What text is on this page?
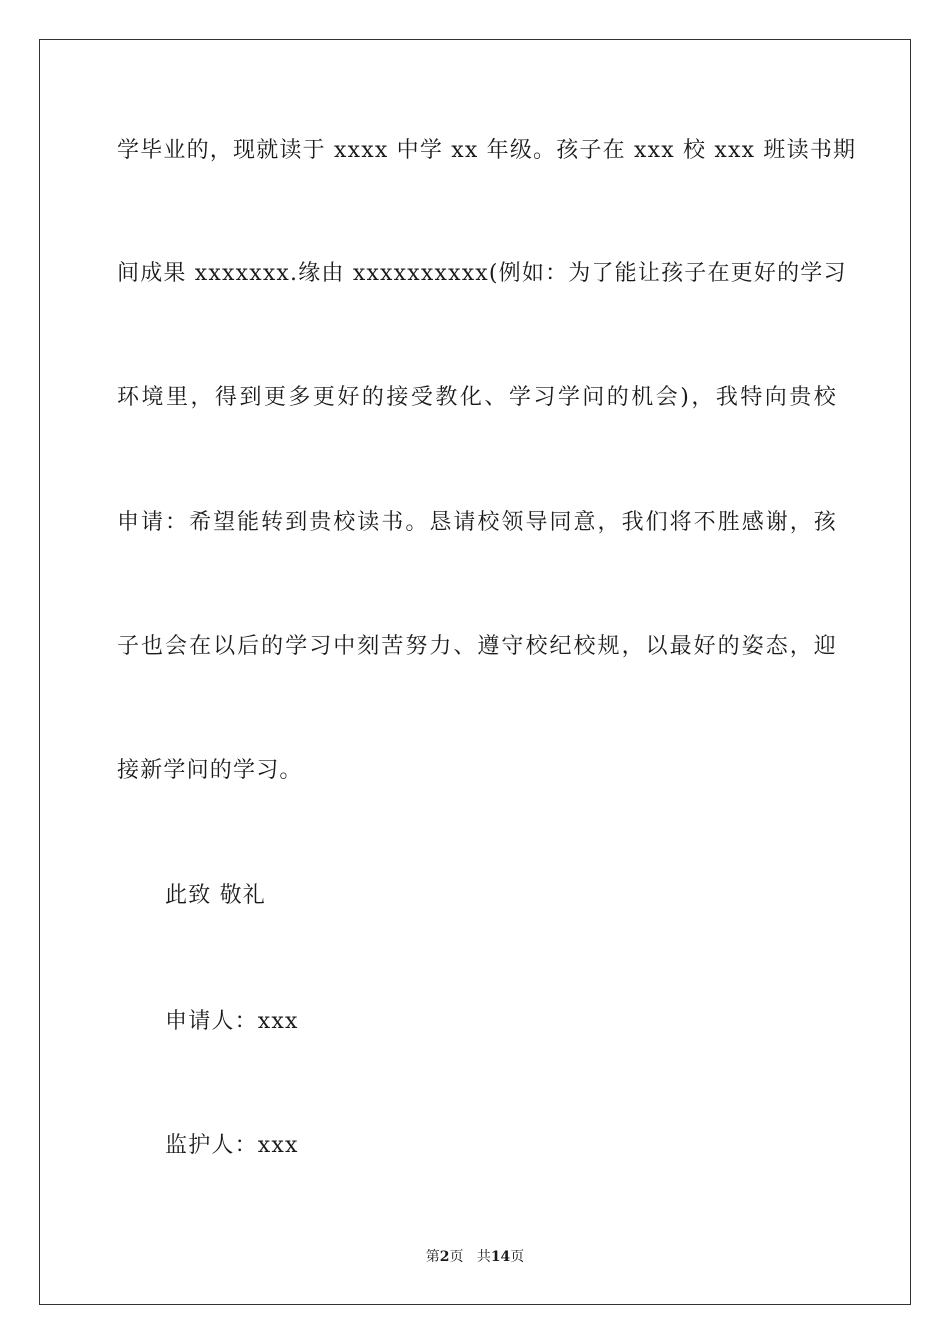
学毕业的，现就读于 xxxx 中学 xx 年级。孩子在 xxx 校 xxx 班读书期
间成果 xxxxxxx.缘由 xxxxxxxxxx(例如：为了能让孩子在更好的学习
环境里，得到更多更好的接受教化、学习学问的机会)，我特向贵校
申请：希望能转到贵校读书。恳请校领导同意，我们将不胜感谢，孩
子也会在以后的学习中刻苦努力、遵守校纪校规，以最好的姿态，迎
接新学问的学习。
此致 敬礼
申请人：xxx
监护人：xxx
第2页 共14页
